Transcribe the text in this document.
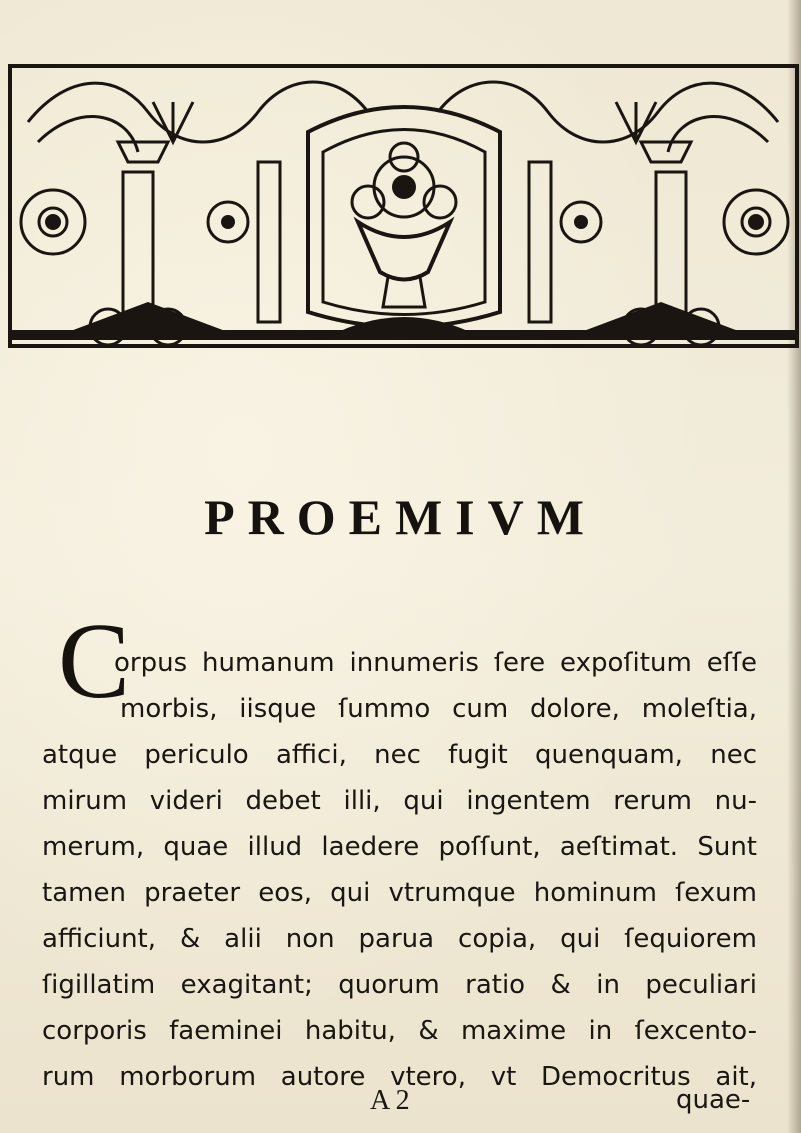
PROEMIVM
C
orpus humanum innumeris ſere expoſitum eſſe
morbis, iisque ſummo cum dolore, moleſtia,
atque periculo affici, nec fugit quenquam, nec
mirum videri debet illi, qui ingentem rerum nu-
merum, quae illud laedere poſſunt, aeſtimat. Sunt
tamen praeter eos, qui vtrumque hominum ſexum
afficiunt, & alii non parua copia, qui ſequiorem
ſigillatim exagitant; quorum ratio & in peculiari
corporis faeminei habitu, & maxime in ſexcento-
rum morborum autore vtero, vt Democritus ait,
A 2	quae-
